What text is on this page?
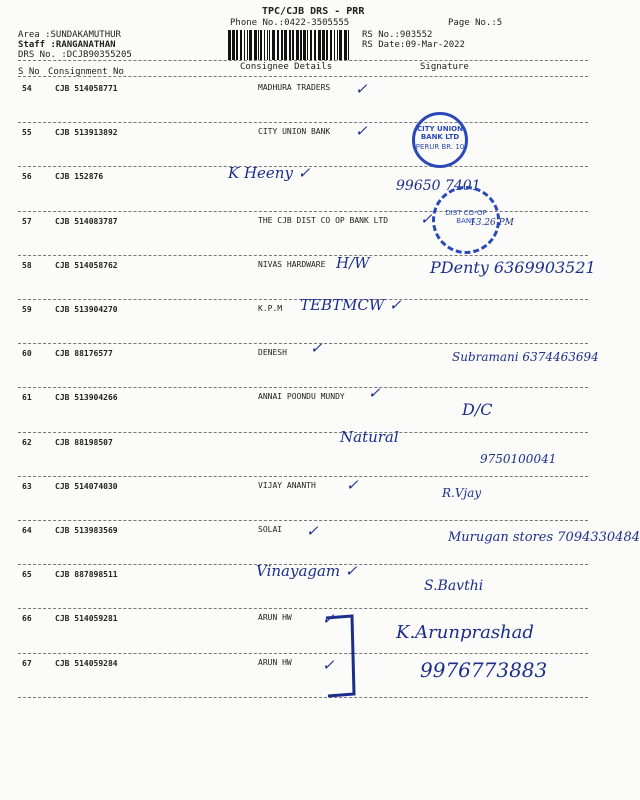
TPC/CJB DRS - PRR
Phone No.:0422-3505555	Page No.:5
Area :SUNDAKAMUTHUR
Staff :RANGANATHAN
DRS No. :DCJB90355205
RS No.:903552
RS Date:09-Mar-2022
S No Consignment No	Consignee Details	Signature
54	CJB 514058771	MADHURA TRADERS ✓
55	CJB 513913892	CITY UNION BANK ✓
56	CJB 152876	K Heeny ✓
99650 7401
57	CJB 514083787	THE CJB DIST CO OP BANK LTD ✓	13.26 PM
58	CJB 514058762	NIVAS HARDWARE H/W	PDenty 6369903521
59	CJB 513904270	K.P.M TEBTMCW ✓
60	CJB 88176577	DENESH ✓	Subramani 6374463694
61	CJB 513904266	ANNAI POONDU MUNDY ✓
D/C
62	CJB 88198507	Natural
9750100041
63	CJB 514074030	VIJAY ANANTH ✓	R.Vjay
64	CJB 513983569	SOLAI ✓	Murugan stores 7094330484
65	CJB 887898511	Vinayagam ✓
S.Bavthi
66	CJB 514059281	ARUN HW ✓
K.Arunprashad
67	CJB 514059284	ARUN HW ✓	9976773883
CITY UNION BANK LTD
PERUR BR. 10
DIST CO-OP BANK
